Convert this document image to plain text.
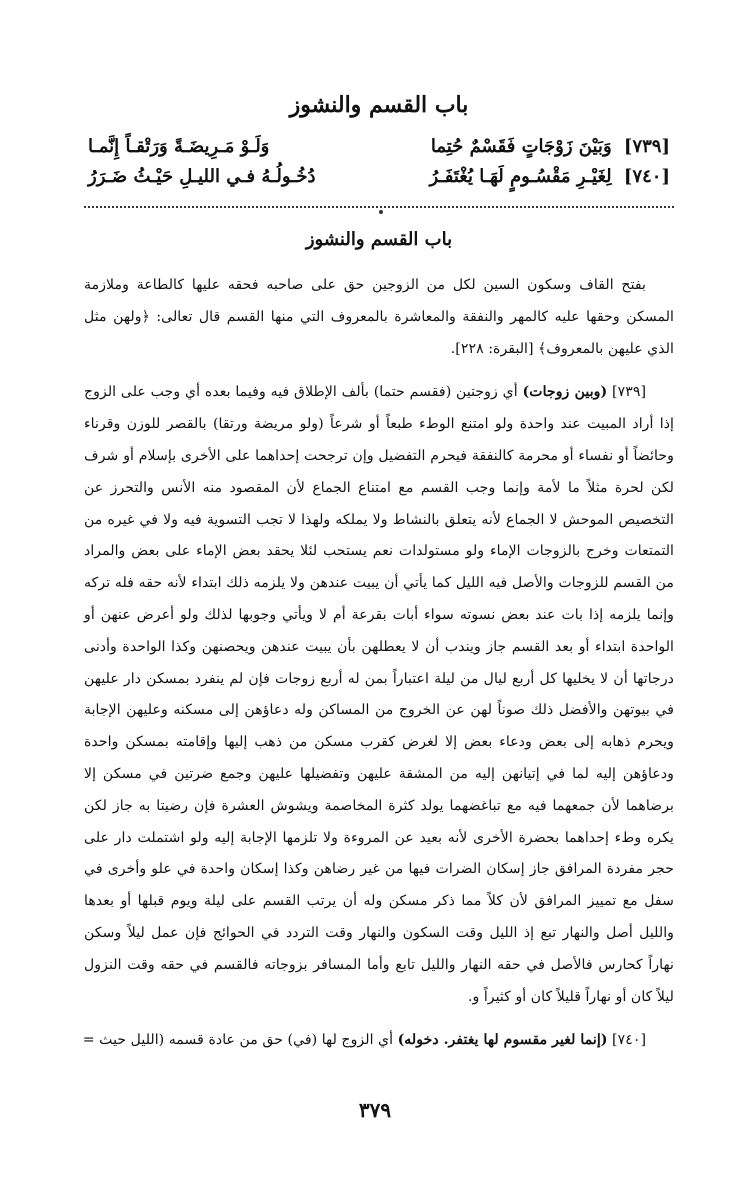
باب القسم والنشوز
[٧٣٩] وَبَيْنَ زَوْجَاتٍ فَقَسْمٌ حُتِما
وَلَـوْ مَـرِيضَـةً وَرَتْقـاً إِنَّمـا
[٧٤٠] لِغَيْـرِ مَقْسُـومٍ لَهَـا يُغْتَفَـرُ
دُخُـولُـهُ فـي الليـلِ حَيْـثُ ضَـرَرُ
باب القسم والنشوز

بفتح القاف وسكون السين لكل من الزوجين حق على صاحبه فحقه عليها كالطاعة وملازمة المسكن وحقها عليه كالمهر والنفقة والمعاشرة بالمعروف التي منها القسم قال تعالى: ﴿ولهن مثل الذي عليهن بالمعروف﴾ [البقرة: ٢٢٨].

[٧٣٩] (وبين زوجات) أي زوجتين (فقسم حتما) بألف الإطلاق فيه وفيما بعده أي وجب على الزوج إذا أراد المبيت عند واحدة ولو امتنع الوطء طبعاً أو شرعاً (ولو مريضة ورتقا) بالقصر للوزن وقرناء وحائضاً أو نفساء أو محرمة كالنفقة فيحرم التفضيل وإن ترجحت إحداهما على الأخرى بإسلام أو شرف لكن لحرة مثلاً ما لأمة وإنما وجب القسم مع امتناع الجماع لأن المقصود منه الأنس والتحرز عن التخصيص الموحش لا الجماع لأنه يتعلق بالنشاط ولا يملكه ولهذا لا تجب التسوية فيه ولا في غيره من التمتعات وخرج بالزوجات الإماء ولو مستولدات نعم يستحب لئلا يحقد بعض الإماء على بعض والمراد من القسم للزوجات والأصل فيه الليل كما يأتي أن يبيت عندهن ولا يلزمه ذلك ابتداء لأنه حقه فله تركه وإنما يلزمه إذا بات عند بعض نسوته سواء أبات بقرعة أم لا ويأتي وجوبها لذلك ولو أعرض عنهن أو الواحدة ابتداء أو بعد القسم جاز ويندب أن لا يعطلهن بأن يبيت عندهن ويحصنهن وكذا الواحدة وأدنى درجاتها أن لا يخليها كل أربع ليال من ليلة اعتباراً بمن له أربع زوجات فإن لم ينفرد بمسكن دار عليهن في بيوتهن والأفضل ذلك صوناً لهن عن الخروج من المساكن وله دعاؤهن إلى مسكنه وعليهن الإجابة ويحرم ذهابه إلى بعض ودعاء بعض إلا لغرض كقرب مسكن من ذهب إليها وإقامته بمسكن واحدة ودعاؤهن إليه لما في إتيانهن إليه من المشقة عليهن وتفضيلها عليهن وجمع ضرتين في مسكن إلا برضاهما لأن جمعهما فيه مع تباغضهما يولد كثرة المخاصمة ويشوش العشرة فإن رضيتا به جاز لكن يكره وطء إحداهما بحضرة الأخرى لأنه بعيد عن المروءة ولا تلزمها الإجابة إليه ولو اشتملت دار على حجر مفردة المرافق جاز إسكان الضرات فيها من غير رضاهن وكذا إسكان واحدة في علو وأخرى في سفل مع تمييز المرافق لأن كلاً مما ذكر مسكن وله أن يرتب القسم على ليلة ويوم قبلها أو بعدها والليل أصل والنهار تبع إذ الليل وقت السكون والنهار وقت التردد في الحوائج فإن عمل ليلاً وسكن نهاراً كحارس فالأصل في حقه النهار والليل تابع وأما المسافر بزوجاته فالقسم في حقه وقت النزول ليلاً كان أو نهاراً قليلاً كان أو كثيراً و.

[٧٤٠] (إنما لغير مقسوم لها يغتفر. دخوله) أي الزوج لها (في) حق من عادة قسمه (الليل حيث =
٣٧٩
